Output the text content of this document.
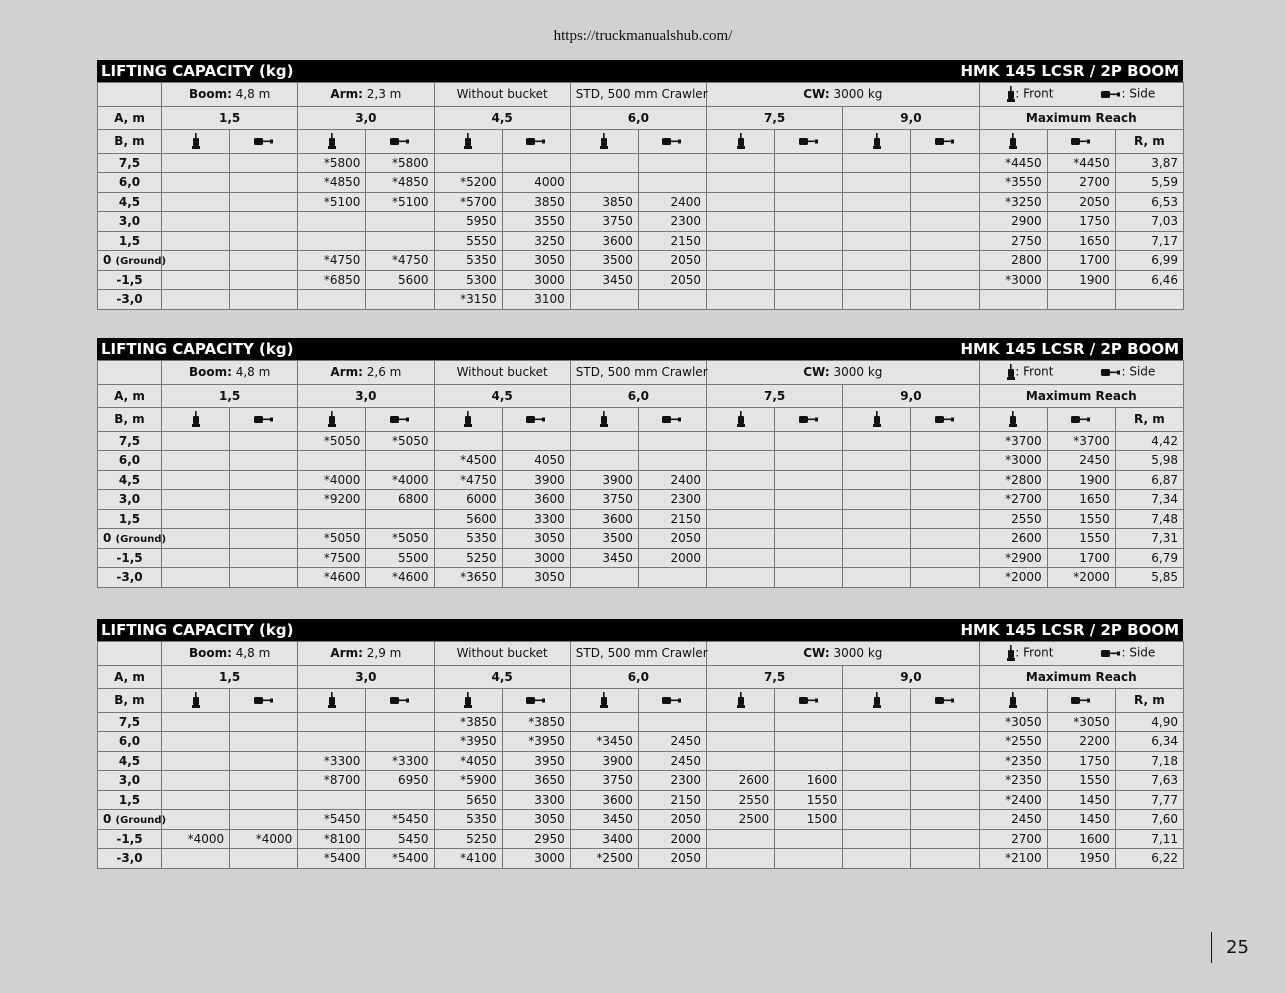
https://truckmanualshub.com/
LIFTING CAPACITY (kg)	HMK 145 LCSR / 2P BOOM
	Boom: 4,8 m		Arm: 2,3 m		Without bucket		STD, 500 mm Crawler		CW: 3000 kg				: Front : Side		
A, m	1,5		3,0		4,5		6,0		7,5		9,0		Maximum Reach		
B, m															R, m
7,5			*5800	*5800									*4450	*4450	3,87
6,0			*4850	*4850	*5200	4000							*3550	2700	5,59
4,5			*5100	*5100	*5700	3850	3850	2400					*3250	2050	6,53
3,0					5950	3550	3750	2300					2900	1750	7,03
1,5					5550	3250	3600	2150					2750	1650	7,17
0 (Ground)			*4750	*4750	5350	3050	3500	2050					2800	1700	6,99
-1,5			*6850	5600	5300	3000	3450	2050					*3000	1900	6,46
-3,0					*3150	3100									
LIFTING CAPACITY (kg)	HMK 145 LCSR / 2P BOOM
	Boom: 4,8 m		Arm: 2,6 m		Without bucket		STD, 500 mm Crawler		CW: 3000 kg				: Front : Side		
A, m	1,5		3,0		4,5		6,0		7,5		9,0		Maximum Reach		
B, m															R, m
7,5			*5050	*5050									*3700	*3700	4,42
6,0					*4500	4050							*3000	2450	5,98
4,5			*4000	*4000	*4750	3900	3900	2400					*2800	1900	6,87
3,0			*9200	6800	6000	3600	3750	2300					*2700	1650	7,34
1,5					5600	3300	3600	2150					2550	1550	7,48
0 (Ground)			*5050	*5050	5350	3050	3500	2050					2600	1550	7,31
-1,5			*7500	5500	5250	3000	3450	2000					*2900	1700	6,79
-3,0			*4600	*4600	*3650	3050							*2000	*2000	5,85
LIFTING CAPACITY (kg)	HMK 145 LCSR / 2P BOOM
	Boom: 4,8 m		Arm: 2,9 m		Without bucket		STD, 500 mm Crawler		CW: 3000 kg				: Front : Side		
A, m	1,5		3,0		4,5		6,0		7,5		9,0		Maximum Reach		
B, m															R, m
7,5					*3850	*3850							*3050	*3050	4,90
6,0					*3950	*3950	*3450	2450					*2550	2200	6,34
4,5			*3300	*3300	*4050	3950	3900	2450					*2350	1750	7,18
3,0			*8700	6950	*5900	3650	3750	2300	2600	1600			*2350	1550	7,63
1,5					5650	3300	3600	2150	2550	1550			*2400	1450	7,77
0 (Ground)			*5450	*5450	5350	3050	3450	2050	2500	1500			2450	1450	7,60
-1,5	*4000	*4000	*8100	5450	5250	2950	3400	2000					2700	1600	7,11
-3,0			*5400	*5400	*4100	3000	*2500	2050					*2100	1950	6,22
25
